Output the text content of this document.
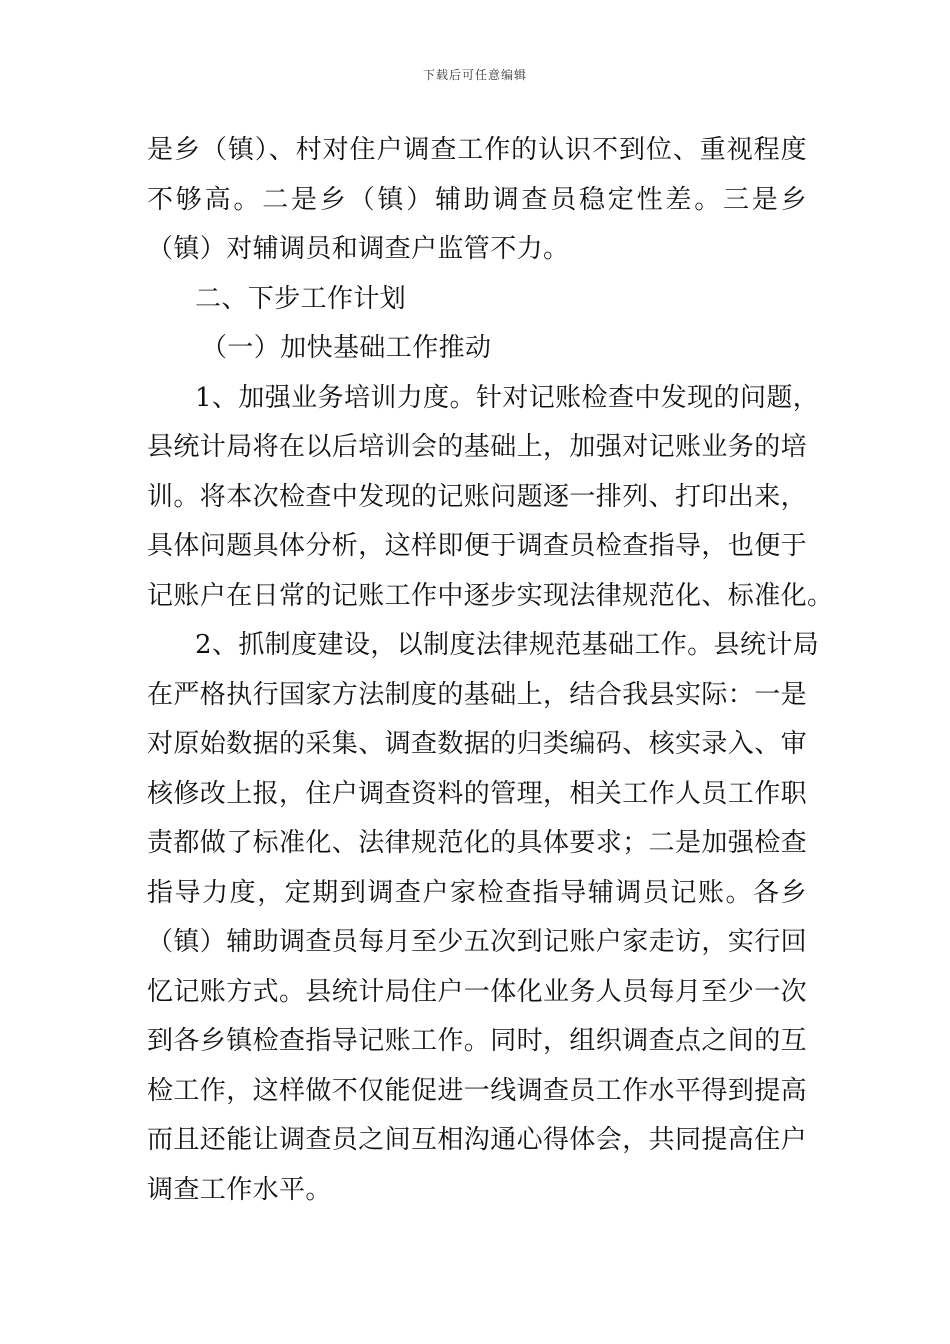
下载后可任意编辑
是乡（镇）、村对住户调查工作的认识不到位、重视程度
不够高。二是乡（镇）辅助调查员稳定性差。三是乡
（镇）对辅调员和调查户监管不力。
二、下步工作计划
（一）加快基础工作推动
1、加强业务培训力度。针对记账检查中发现的问题，
县统计局将在以后培训会的基础上，加强对记账业务的培
训。将本次检查中发现的记账问题逐一排列、打印出来，
具体问题具体分析，这样即便于调查员检查指导，也便于
记账户在日常的记账工作中逐步实现法律规范化、标准化。
2、抓制度建设，以制度法律规范基础工作。县统计局
在严格执行国家方法制度的基础上，结合我县实际：一是
对原始数据的采集、调查数据的归类编码、核实录入、审
核修改上报，住户调查资料的管理，相关工作人员工作职
责都做了标准化、法律规范化的具体要求；二是加强检查
指导力度，定期到调查户家检查指导辅调员记账。各乡
（镇）辅助调查员每月至少五次到记账户家走访，实行回
忆记账方式。县统计局住户一体化业务人员每月至少一次
到各乡镇检查指导记账工作。同时，组织调查点之间的互
检工作，这样做不仅能促进一线调查员工作水平得到提高
而且还能让调查员之间互相沟通心得体会，共同提高住户
调查工作水平。
